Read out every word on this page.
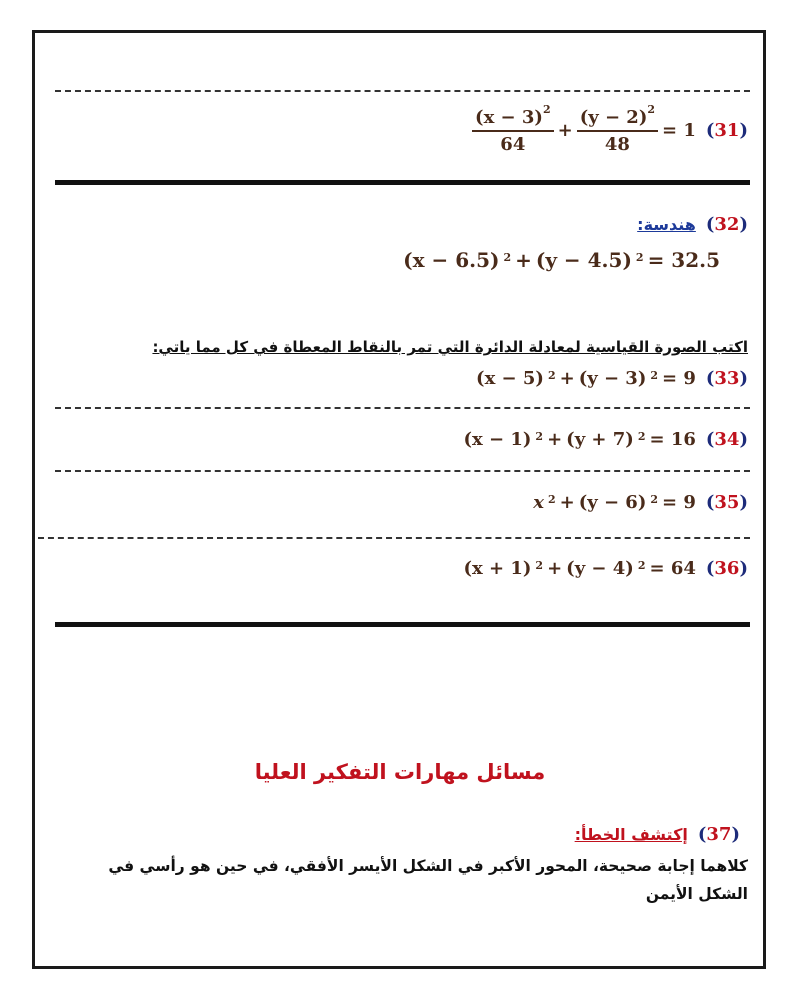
(31)
$\frac{(x - 3)^2}{64} + \frac{(y - 2)^2}{48} = 1$
(32)
هندسة:
(x − 6.5) $^2$ + (y − 4.5) $^2$ = 32.5
اكتب الصورة القياسية لمعادلة الدائرة التي تمر بالنقاط المعطاة في كل مما ياتي:
(33)
(x − 5) $^2$ + (y − 3) $^2$ = 9
(34)
(x − 1) $^2$ + (y + 7) $^2$ = 16
(35)
x $^2$ + (y − 6) $^2$ = 9
(36)
(x + 1) $^2$ + (y − 4) $^2$ = 64
مسائل مهارات التفكير العليا
(37)
إكتشف الخطأ:
كلاهما إجابة صحيحة، المحور الأكبر في الشكل الأيسر الأفقي، في حين هو رأسي في الشكل الأيمن
